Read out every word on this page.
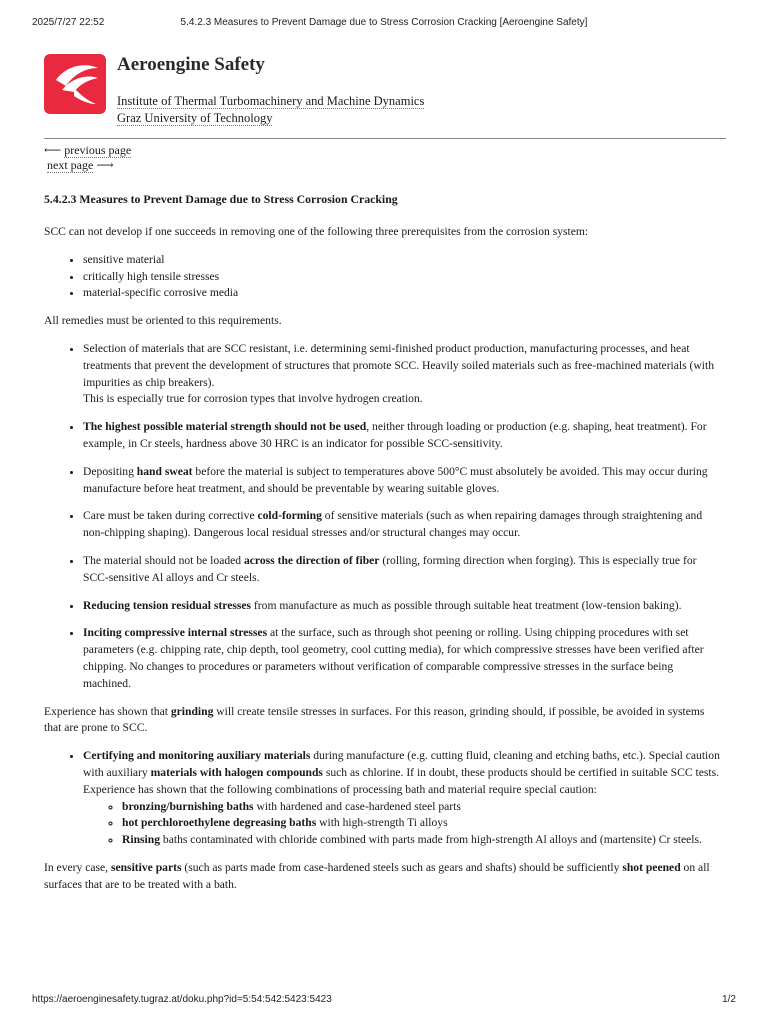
2025/7/27 22:52	5.4.2.3 Measures to Prevent Damage due to Stress Corrosion Cracking [Aeroengine Safety]
Aeroengine Safety
Institute of Thermal Turbomachinery and Machine Dynamics
Graz University of Technology
⟵ previous page
next page ⟶
5.4.2.3 Measures to Prevent Damage due to Stress Corrosion Cracking

SCC can not develop if one succeeds in removing one of the following three prerequisites from the corrosion system:

• sensitive material
• critically high tensile stresses
• material-specific corrosive media

All remedies must be oriented to this requirements.

• Selection of materials that are SCC resistant, i.e. determining semi-finished product production, manufacturing processes, and heat treatments that prevent the development of structures that promote SCC. Heavily soiled materials such as free-machined materials (with impurities as chip breakers).
This is especially true for corrosion types that involve hydrogen creation.
• The highest possible material strength should not be used, neither through loading or production (e.g. shaping, heat treatment). For example, in Cr steels, hardness above 30 HRC is an indicator for possible SCC-sensitivity.
• Depositing hand sweat before the material is subject to temperatures above 500°C must absolutely be avoided. This may occur during manufacture before heat treatment, and should be preventable by wearing suitable gloves.
• Care must be taken during corrective cold-forming of sensitive materials (such as when repairing damages through straightening and non-chipping shaping). Dangerous local residual stresses and/or structural changes may occur.
• The material should not be loaded across the direction of fiber (rolling, forming direction when forging). This is especially true for SCC-sensitive Al alloys and Cr steels.
• Reducing tension residual stresses from manufacture as much as possible through suitable heat treatment (low-tension baking).
• Inciting compressive internal stresses at the surface, such as through shot peening or rolling. Using chipping procedures with set parameters (e.g. chipping rate, chip depth, tool geometry, cool cutting media), for which compressive stresses have been verified after chipping. No changes to procedures or parameters without verification of comparable compressive stresses in the surface being machined.

Experience has shown that grinding will create tensile stresses in surfaces. For this reason, grinding should, if possible, be avoided in systems that are prone to SCC.

• Certifying and monitoring auxiliary materials during manufacture (e.g. cutting fluid, cleaning and etching baths, etc.). Special caution with auxiliary materials with halogen compounds such as chlorine. If in doubt, these products should be certified in suitable SCC tests.
Experience has shown that the following combinations of processing bath and material require special caution:
◦ bronzing/burnishing baths with hardened and case-hardened steel parts
◦ hot perchloroethylene degreasing baths with high-strength Ti alloys
◦ Rinsing baths contaminated with chloride combined with parts made from high-strength Al alloys and (martensite) Cr steels.

In every case, sensitive parts (such as parts made from case-hardened steels such as gears and shafts) should be sufficiently shot peened on all surfaces that are to be treated with a bath.

https://aeroenginesafety.tugraz.at/doku.php?id=5:54:542:5423:5423	1/2
